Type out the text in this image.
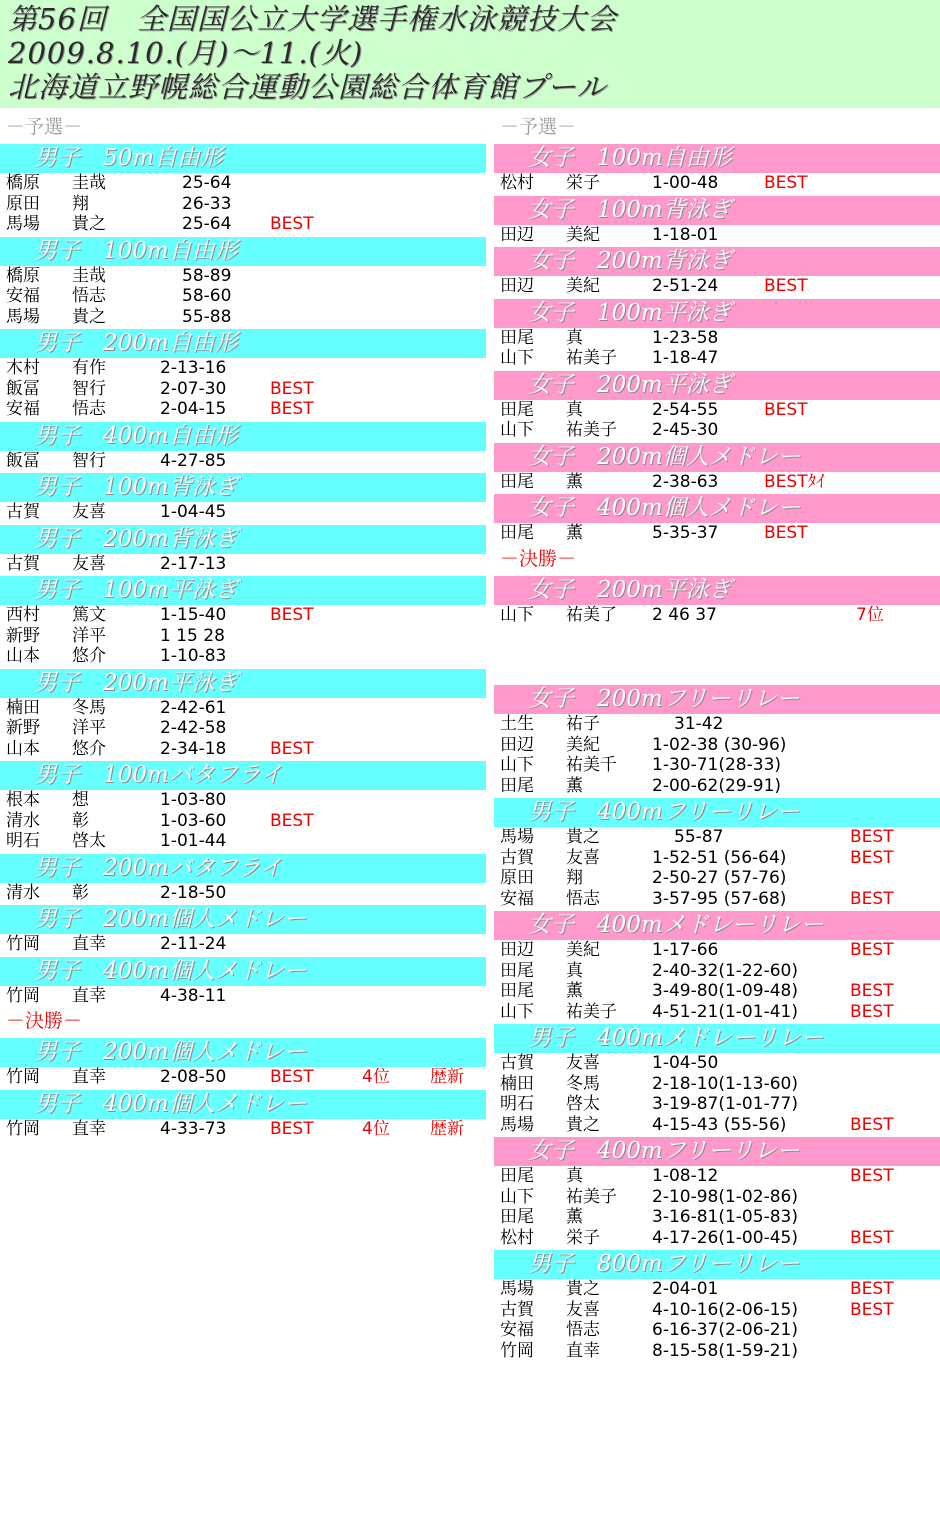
第56回　全国国公立大学選手権水泳競技大会
2009.8.10.(月)～11.(火)
北海道立野幌総合運動公園総合体育館プール
－予選－
男子　50m自由形
橋原 圭哉	25-64
原田 翔	26-33
馬場 貴之	25-64 BEST
男子　100m自由形
橋原 圭哉	58-89
安福 悟志	58-60
馬場 貴之	55-88
男子　200m自由形
木村 有作	2-13-16
飯冨 智行	2-07-30	BEST
安福 悟志	2-04-15	BEST
男子　400m自由形
飯冨 智行	4-27-85
男子　100m背泳ぎ
古賀 友喜	1-04-45
男子　200m背泳ぎ
古賀 友喜	2-17-13
男子　100m平泳ぎ
西村 篤文	1-15-40	BEST
新野 洋平	1 15 28
山本 悠介	1-10-83
男子　200m平泳ぎ
楠田 冬馬	2-42-61
新野 洋平	2-42-58
山本 悠介	2-34-18	BEST
男子　100mバタフライ
根本 想	1-03-80
清水 彰	1-03-60	BEST
明石 啓太	1-01-44
男子　200mバタフライ
清水 彰	2-18-50
男子　200m個人メドレー
竹岡 直幸	2-11-24
男子　400m個人メドレー
竹岡 直幸	4-38-11
－決勝－
男子　200m個人メドレー
竹岡 直幸	2-08-50	BEST	4位 歴新
男子　400m個人メドレー
竹岡 直幸	4-33-73	BEST	4位 歴新
－予選－
女子　100m自由形
松村 栄子	1-00-48	BEST
女子　100m背泳ぎ
田辺 美紀	1-18-01
女子　200m背泳ぎ
田辺 美紀	2-51-24	BEST
女子　100m平泳ぎ
田尾 真	1-23-58
山下 祐美子 1-18-47
女子　200m平泳ぎ
田尾 真	2-54-55	BEST
山下 祐美子 2-45-30
女子　200m個人メドレー
田尾 薫	2-38-63	BESTﾀｲ
女子　400m個人メドレー
田尾 薫	5-35-37	BEST
－決勝－
女子　200m平泳ぎ
山下 祐美了 2 46 37	7位
女子　200mフリーリレー
土生 祐子	31-42
田辺 美紀	1-02-38 (30-96)
山下 祐美千 1-30-71(28-33)
田尾 薫	2-00-62(29-91)
男子　400mフリーリレー
馬場 貴之	55-87	BEST
古賀 友喜	1-52-51 (56-64)	BEST
原田 翔	2-50-27 (57-76)
安福 悟志	3-57-95 (57-68)	BEST
女子　400mメドレーリレー
田辺 美紀	1-17-66	BEST
田尾 真	2-40-32(1-22-60)
田尾 薫	3-49-80(1-09-48)	BEST
山下 祐美子 4-51-21(1-01-41)	BEST
男子　400mメドレーリレー
古賀 友喜	1-04-50
楠田 冬馬	2-18-10(1-13-60)
明石 啓太	3-19-87(1-01-77)
馬場 貴之	4-15-43 (55-56)	BEST
女子　400mフリーリレー
田尾 真	1-08-12	BEST
山下 祐美子 2-10-98(1-02-86)
田尾 薫	3-16-81(1-05-83)
松村 栄子	4-17-26(1-00-45)	BEST
男子　800mフリーリレー
馬場 貴之	2-04-01	BEST
古賀 友喜	4-10-16(2-06-15)	BEST
安福 悟志	6-16-37(2-06-21)
竹岡 直幸	8-15-58(1-59-21)
